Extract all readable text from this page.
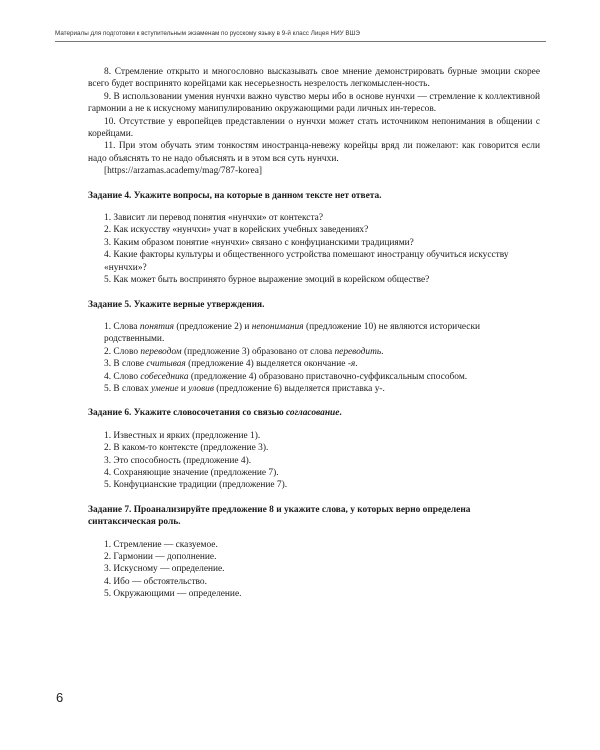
Материалы для подготовки к вступительным экзаменам по русскому языку в 9-й класс Лицея НИУ ВШЭ

8. Стремление открыто и многословно высказывать свое мнение демонстрировать бурные эмоции скорее всего будет воспринято корейцами как несерьезность незрелость легкомыслен-ность.

9. В использовании умения нунчхи важно чувство меры ибо в основе нунчхи — стремление к коллективной гармонии а не к искусному манипулированию окружающими ради личных ин-тересов.

10. Отсутствие у европейцев представлении о нунчхи может стать источником непонимания в общении с корейцами.

11. При этом обучать этим тонкостям иностранца-невежу корейцы вряд ли пожелают: как говорится если надо объяснять то не надо объяснять и в этом вся суть нунчхи.

[https://arzamas.academy/mag/787-korea]

Задание 4. Укажите вопросы, на которые в данном тексте нет ответа.

1. Зависит ли перевод понятия «нунчхи» от контекста?
2. Как искусству «нунчхи» учат в корейских учебных заведениях?
3. Каким образом понятие «нунчхи» связано с конфуцианскими традициями?
4. Какие факторы культуры и общественного устройства помешают иностранцу обучиться искусству «нунчхи»?
5. Как может быть воспринято бурное выражение эмоций в корейском обществе?

Задание 5. Укажите верные утверждения.

1. Слова понятия (предложение 2) и непонимания (предложение 10) не являются исторически родственными.
2. Слово переводом (предложение 3) образовано от слова переводить.
3. В слове считывая (предложение 4) выделяется окончание -я.
4. Слово собеседника (предложение 4) образовано приставочно-суффиксальным способом.
5. В словах умение и уловив (предложение 6) выделяется приставка у-.

Задание 6. Укажите словосочетания со связью согласование.

1. Известных и ярких (предложение 1).
2. В каком-то контексте (предложение 3).
3. Это способность (предложение 4).
4. Сохраняющие значение (предложение 7).
5. Конфуцианские традиции (предложение 7).

Задание 7. Проанализируйте предложение 8 и укажите слова, у которых верно определена синтаксическая роль.

1. Стремление — сказуемое.
2. Гармонии — дополнение.
3. Искусному — определение.
4. Ибо — обстоятельство.
5. Окружающими — определение.
6
